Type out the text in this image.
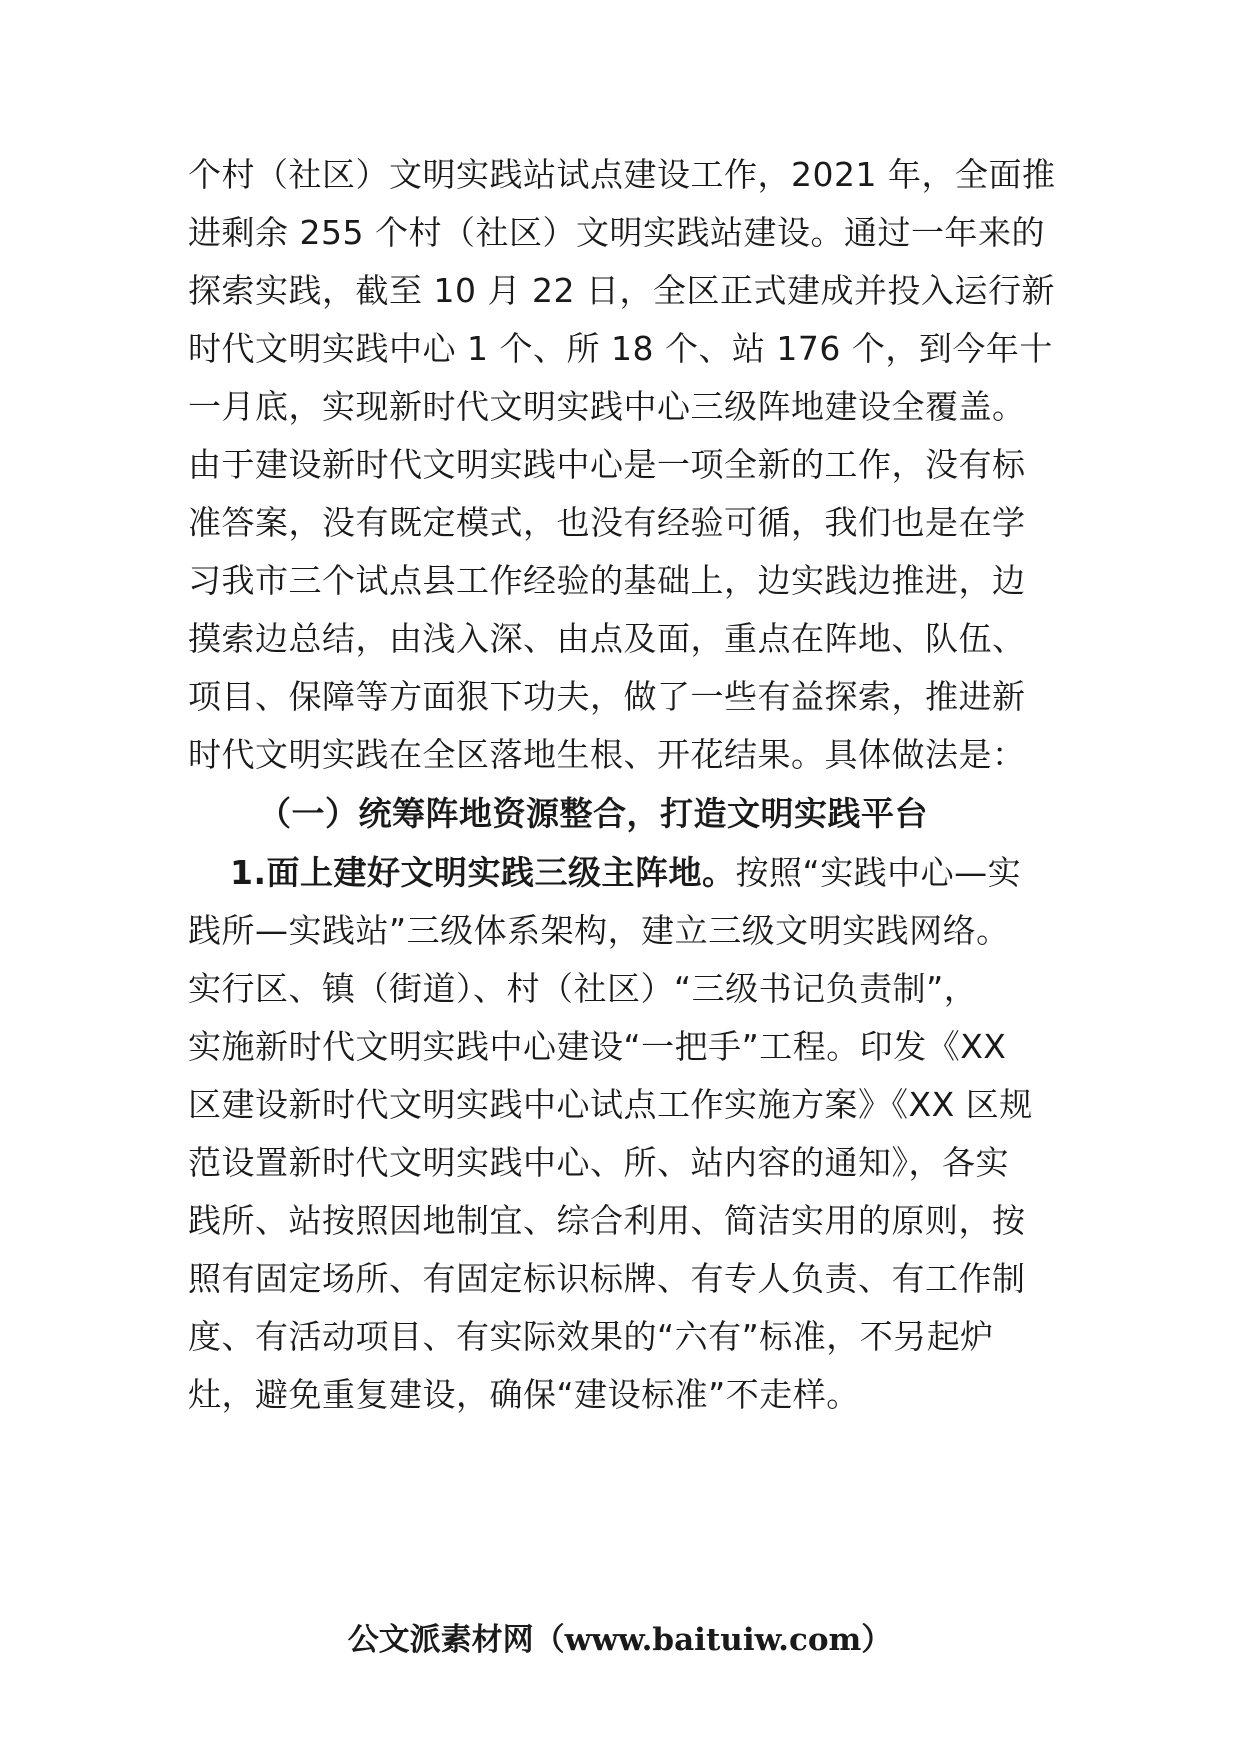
个村（社区）文明实践站试点建设工作，2021 年，全面推
进剩余 255 个村（社区）文明实践站建设。通过一年来的
探索实践，截至 10 月 22 日，全区正式建成并投入运行新
时代文明实践中心 1 个、所 18 个、站 176 个，到今年十
一月底，实现新时代文明实践中心三级阵地建设全覆盖。
由于建设新时代文明实践中心是一项全新的工作，没有标
准答案，没有既定模式，也没有经验可循，我们也是在学
习我市三个试点县工作经验的基础上，边实践边推进，边
摸索边总结，由浅入深、由点及面，重点在阵地、队伍、
项目、保障等方面狠下功夫，做了一些有益探索，推进新
时代文明实践在全区落地生根、开花结果。具体做法是：
（一）统筹阵地资源整合，打造文明实践平台
1.面上建好文明实践三级主阵地。按照“实践中心—实
践所—实践站”三级体系架构，建立三级文明实践网络。
实行区、镇（街道）、村（社区）“三级书记负责制”，
实施新时代文明实践中心建设“一把手”工程。印发《XX
区建设新时代文明实践中心试点工作实施方案》《XX 区规
范设置新时代文明实践中心、所、站内容的通知》，各实
践所、站按照因地制宜、综合利用、简洁实用的原则，按
照有固定场所、有固定标识标牌、有专人负责、有工作制
度、有活动项目、有实际效果的“六有”标准，不另起炉
灶，避免重复建设，确保“建设标准”不走样。
公文派素材网（www.baituiw.com）
